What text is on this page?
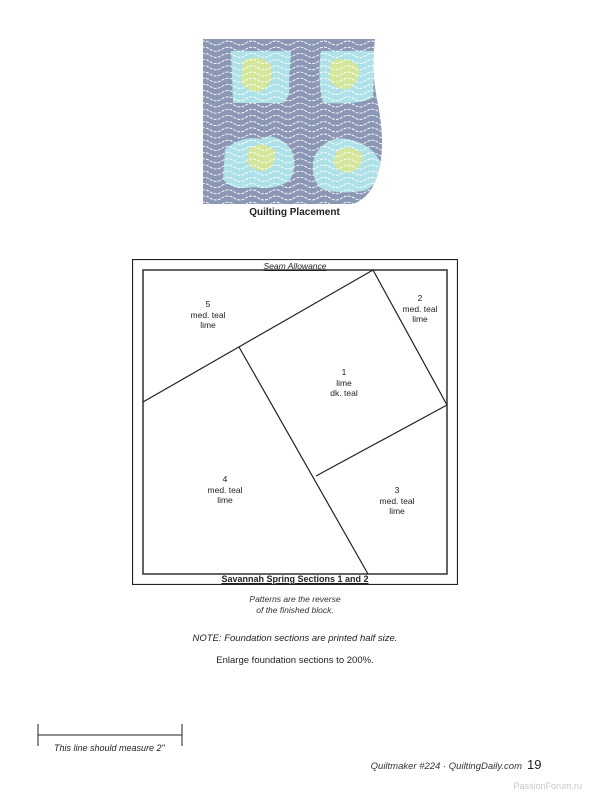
Quilting Placement
Seam Allowance
5
med. teal
lime
2
med. teal
lime
1
lime
dk. teal
4
med. teal
lime
3
med. teal
lime
Savannah Spring Sections 1 and 2
Patterns are the reverse
of the finished block.
NOTE: Foundation sections are printed half size.
Enlarge foundation sections to 200%.
This line should measure 2"
Quiltmaker #224 · QuiltingDaily.com 19
PassionForum.ru
